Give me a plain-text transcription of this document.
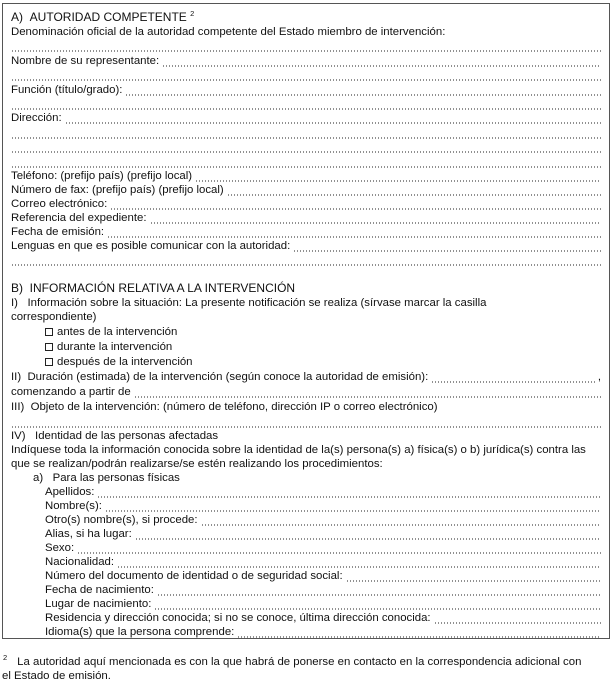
A)  AUTORIDAD COMPETENTE $^2$
Denominación oficial de la autoridad competente del Estado miembro de intervención:
Nombre de su representante:
Función (título/grado):
Dirección:
Teléfono: (prefijo país) (prefijo local)
Número de fax: (prefijo país) (prefijo local)
Correo electrónico:
Referencia del expediente:
Fecha de emisión:
Lenguas en que es posible comunicar con la autoridad:
B)  INFORMACIÓN RELATIVA A LA INTERVENCIÓN
I)   Información sobre la situación: La presente notificación se realiza (sírvase marcar la casilla
correspondiente)
antes de la intervención
durante la intervención
después de la intervención
II)  Duración (estimada) de la intervención (según conoce la autoridad de emisión):	,
comenzando a partir de
III)  Objeto de la intervención: (número de teléfono, dirección IP o correo electrónico)
IV)   Identidad de las personas afectadas
Indíquese toda la información conocida sobre la identidad de la(s) persona(s) a) física(s) o b) jurídica(s) contra las
que se realizan/podrán realizarse/se estén realizando los procedimientos:
a)   Para las personas físicas
Apellidos:
Nombre(s):
Otro(s) nombre(s), si procede:
Alias, si ha lugar:
Sexo:
Nacionalidad:
Número del documento de identidad o de seguridad social:
Fecha de nacimiento:
Lugar de nacimiento:
Residencia y dirección conocida; si no se conoce, última dirección conocida:
Idioma(s) que la persona comprende:
$^2$ La autoridad aquí mencionada es con la que habrá de ponerse en contacto en la correspondencia adicional con
el Estado de emisión.
